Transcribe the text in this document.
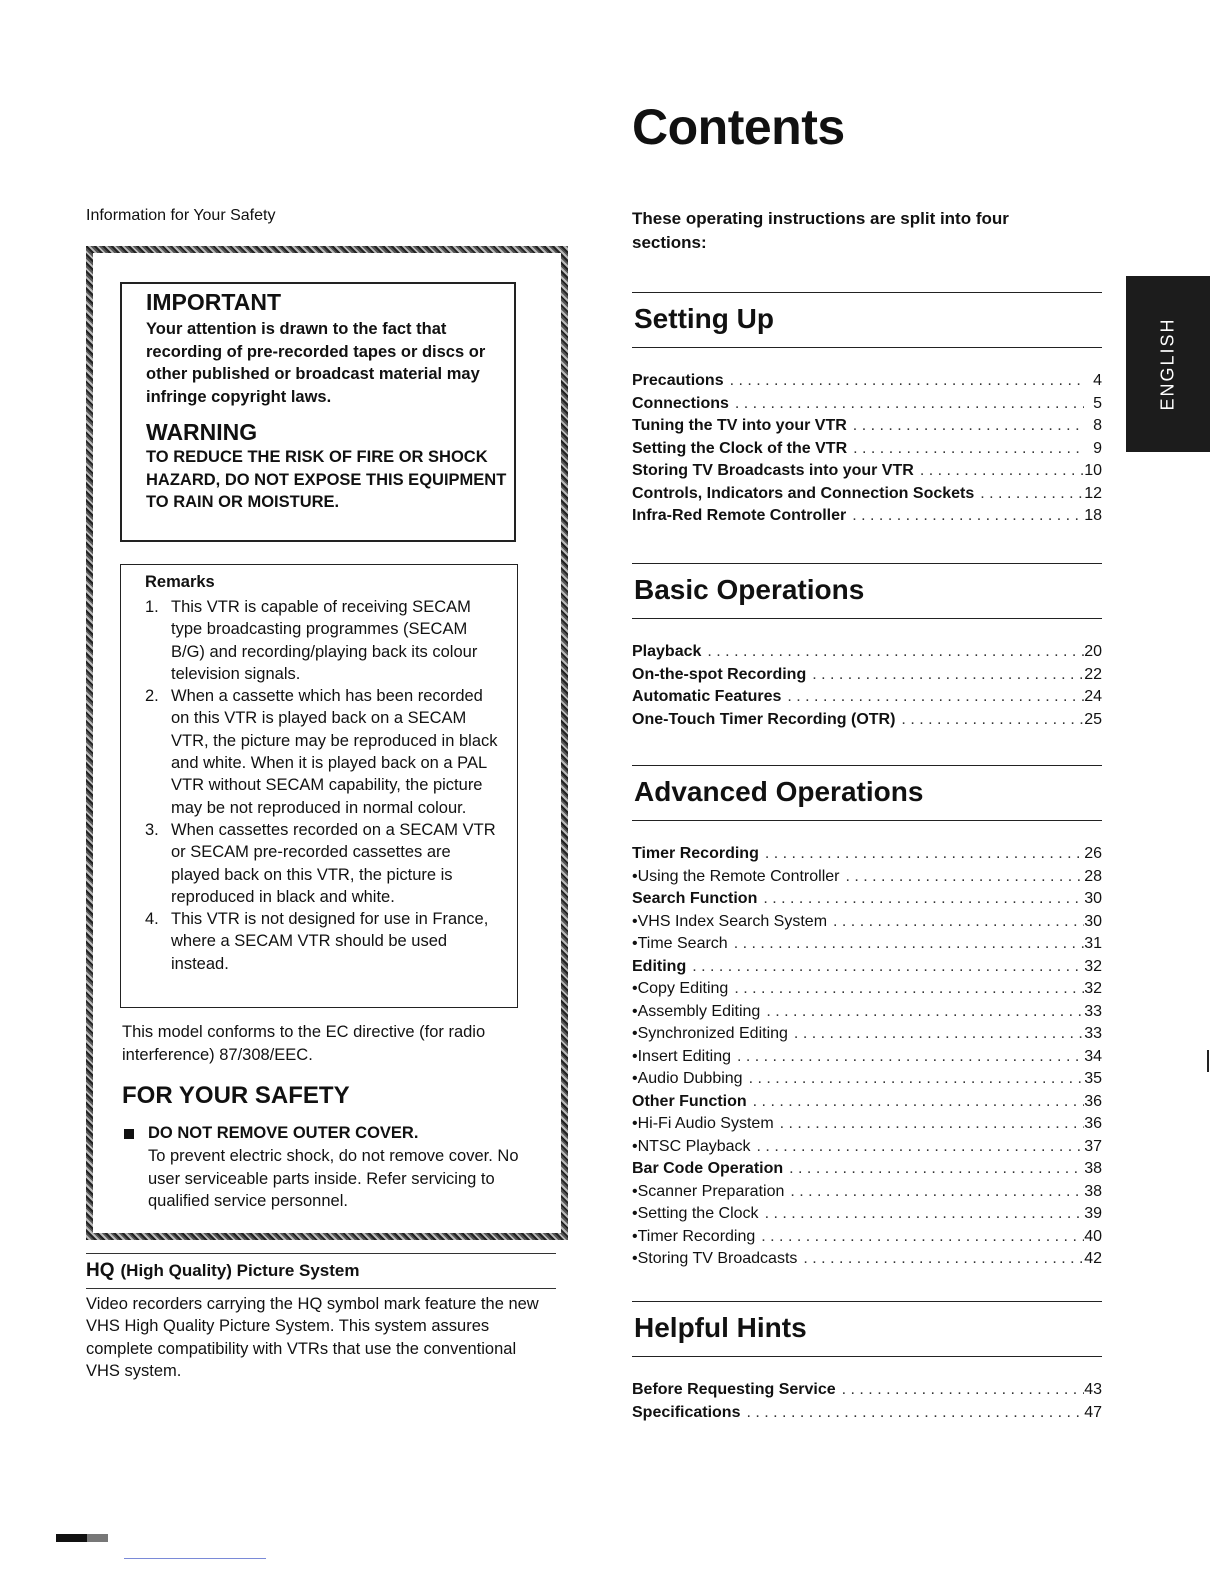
Contents
These operating instructions are split into four sections:
ENGLISH
Setting Up
Precautions . . .	4
Connections . . .	5
Tuning the TV into your VTR . . .	8
Setting the Clock of the VTR . . .	9
Storing TV Broadcasts into your VTR . . .	10
Controls, Indicators and Connection Sockets . . .	12
Infra-Red Remote Controller . . .	18
Basic Operations
Playback . . .	20
On-the-spot Recording . . .	22
Automatic Features . . .	24
One-Touch Timer Recording (OTR) . . .	25
Advanced Operations
Timer Recording . . .	26
•Using the Remote Controller . . .	28
Search Function . . .	30
•VHS Index Search System . . .	30
•Time Search . . .	31
Editing . . .	32
•Copy Editing . . .	32
•Assembly Editing . . .	33
•Synchronized Editing . . .	33
•Insert Editing . . .	34
•Audio Dubbing . . .	35
Other Function . . .	36
•Hi-Fi Audio System . . .	36
•NTSC Playback . . .	37
Bar Code Operation . . .	38
•Scanner Preparation . . .	38
•Setting the Clock . . .	39
•Timer Recording . . .	40
•Storing TV Broadcasts . . .	42
Helpful Hints
Before Requesting Service . . .	43
Specifications . . .	47
Information for Your Safety
IMPORTANT
Your attention is drawn to the fact that recording of pre-recorded tapes or discs or other published or broadcast material may infringe copyright laws.
WARNING
TO REDUCE THE RISK OF FIRE OR SHOCK HAZARD, DO NOT EXPOSE THIS EQUIPMENT TO RAIN OR MOISTURE.
Remarks
1. This VTR is capable of receiving SECAM type broadcasting programmes (SECAM B/G) and recording/playing back its colour television signals.
2. When a cassette which has been recorded on this VTR is played back on a SECAM VTR, the picture may be reproduced in black and white. When it is played back on a PAL VTR without SECAM capability, the picture may be not reproduced in normal colour.
3. When cassettes recorded on a SECAM VTR or SECAM pre-recorded cassettes are played back on this VTR, the picture is reproduced in black and white.
4. This VTR is not designed for use in France, where a SECAM VTR should be used instead.
This model conforms to the EC directive (for radio interference) 87/308/EEC.
FOR YOUR SAFETY
DO NOT REMOVE OUTER COVER.
To prevent electric shock, do not remove cover. No user serviceable parts inside. Refer servicing to qualified service personnel.
HQ (High Quality) Picture System
Video recorders carrying the HQ symbol mark feature the new VHS High Quality Picture System. This system assures complete compatibility with VTRs that use the conventional VHS system.
